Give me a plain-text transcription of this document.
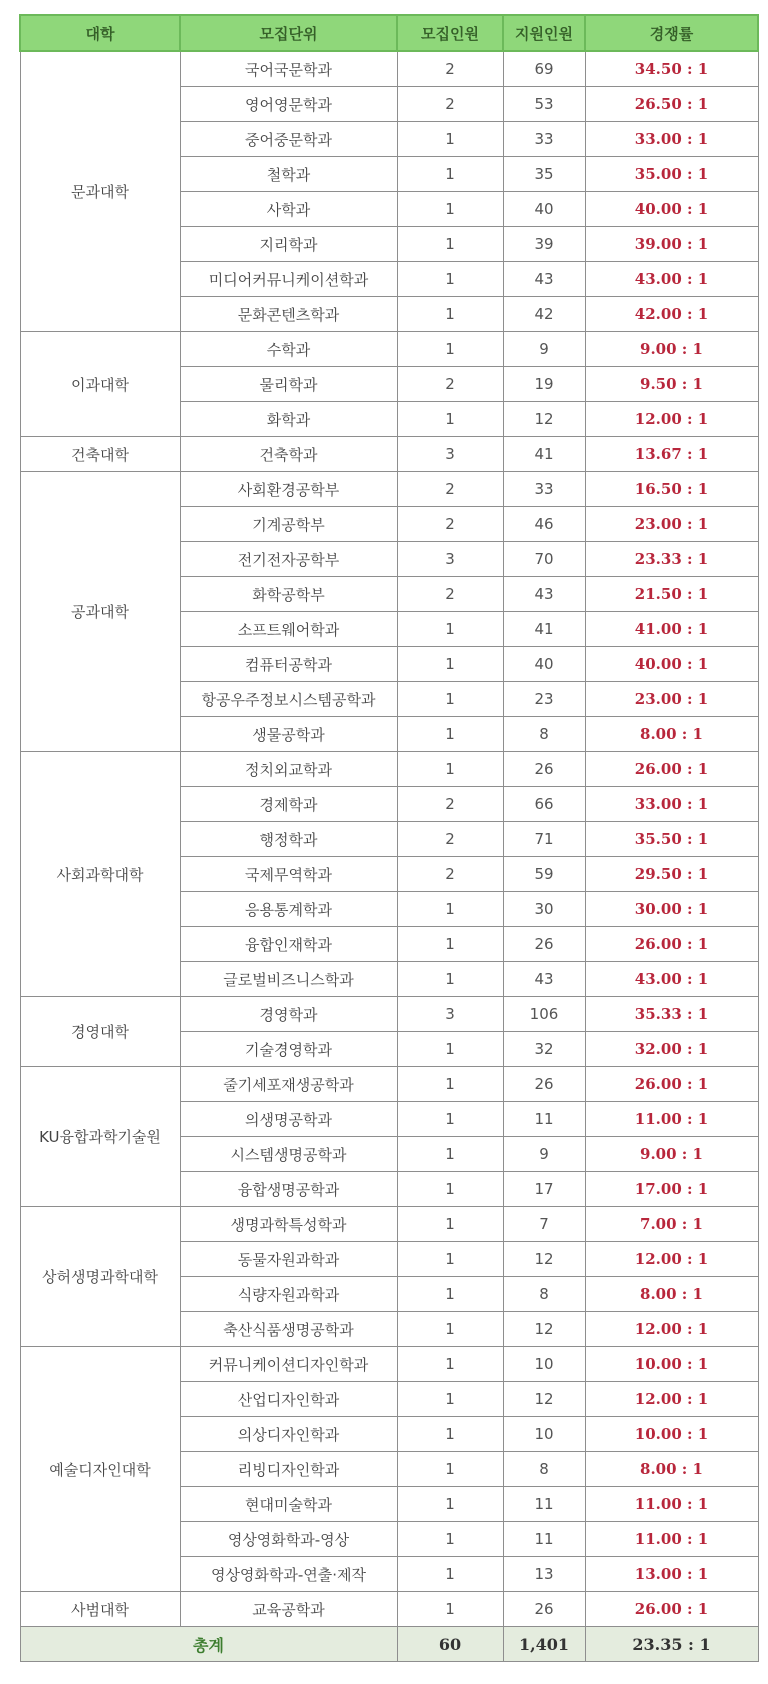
대학	모집단위	모집인원	지원인원	경쟁률
문과대학	국어국문학과	2	69	34.50 : 1
	영어영문학과	2	53	26.50 : 1
	중어중문학과	1	33	33.00 : 1
	철학과	1	35	35.00 : 1
	사학과	1	40	40.00 : 1
	지리학과	1	39	39.00 : 1
	미디어커뮤니케이션학과	1	43	43.00 : 1
	문화콘텐츠학과	1	42	42.00 : 1
이과대학	수학과	1	9	9.00 : 1
	물리학과	2	19	9.50 : 1
	화학과	1	12	12.00 : 1
건축대학	건축학과	3	41	13.67 : 1
공과대학	사회환경공학부	2	33	16.50 : 1
	기계공학부	2	46	23.00 : 1
	전기전자공학부	3	70	23.33 : 1
	화학공학부	2	43	21.50 : 1
	소프트웨어학과	1	41	41.00 : 1
	컴퓨터공학과	1	40	40.00 : 1
	항공우주정보시스템공학과	1	23	23.00 : 1
	생물공학과	1	8	8.00 : 1
사회과학대학	정치외교학과	1	26	26.00 : 1
	경제학과	2	66	33.00 : 1
	행정학과	2	71	35.50 : 1
	국제무역학과	2	59	29.50 : 1
	응용통계학과	1	30	30.00 : 1
	융합인재학과	1	26	26.00 : 1
	글로벌비즈니스학과	1	43	43.00 : 1
경영대학	경영학과	3	106	35.33 : 1
	기술경영학과	1	32	32.00 : 1
KU융합과학기술원	줄기세포재생공학과	1	26	26.00 : 1
	의생명공학과	1	11	11.00 : 1
	시스템생명공학과	1	9	9.00 : 1
	융합생명공학과	1	17	17.00 : 1
상허생명과학대학	생명과학특성학과	1	7	7.00 : 1
	동물자원과학과	1	12	12.00 : 1
	식량자원과학과	1	8	8.00 : 1
	축산식품생명공학과	1	12	12.00 : 1
예술디자인대학	커뮤니케이션디자인학과	1	10	10.00 : 1
	산업디자인학과	1	12	12.00 : 1
	의상디자인학과	1	10	10.00 : 1
	리빙디자인학과	1	8	8.00 : 1
	현대미술학과	1	11	11.00 : 1
	영상영화학과-영상	1	11	11.00 : 1
	영상영화학과-연출·제작	1	13	13.00 : 1
사범대학	교육공학과	1	26	26.00 : 1
총계		60	1,401	23.35 : 1
